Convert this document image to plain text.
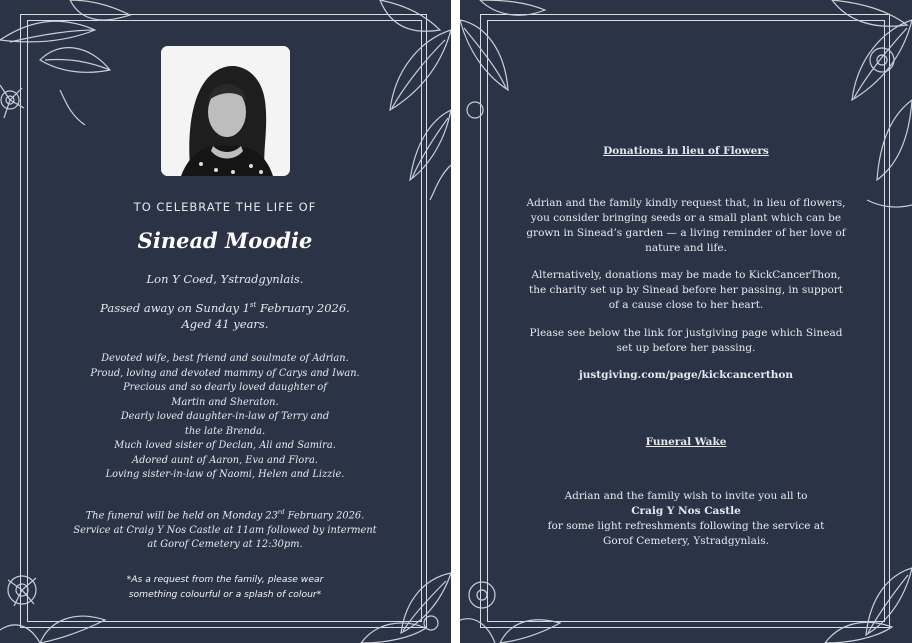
TO CELEBRATE THE LIFE OF

Sinead Moodie

Lon Y Coed, Ystradgynlais.

Passed away on Sunday 1st February 2026.
Aged 41 years.
Devoted wife, best friend and soulmate of Adrian.
Proud, loving and devoted mammy of Carys and Iwan.
Precious and so dearly loved daughter of
Martin and Sheraton.
Dearly loved daughter-in-law of Terry and
the late Brenda.
Much loved sister of Declan, Ali and Samira.
Adored aunt of Aaron, Eva and Flora.
Loving sister-in-law of Naomi, Helen and Lizzie.
The funeral will be held on Monday 23rd February 2026.
Service at Craig Y Nos Castle at 11am followed by interment
at Gorof Cemetery at 12:30pm.
*As a request from the family, please wear
something colourful or a splash of colour*

Donations in lieu of Flowers

Adrian and the family kindly request that, in lieu of flowers,
you consider bringing seeds or a small plant which can be
grown in Sinead’s garden — a living reminder of her love of
nature and life.
Alternatively, donations may be made to KickCancerThon,
the charity set up by Sinead before her passing, in support
of a cause close to her heart.
Please see below the link for justgiving page which Sinead
set up before her passing.

justgiving.com/page/kickcancerthon

Funeral Wake

Adrian and the family wish to invite you all to
Craig Y Nos Castle
for some light refreshments following the service at
Gorof Cemetery, Ystradgynlais.
